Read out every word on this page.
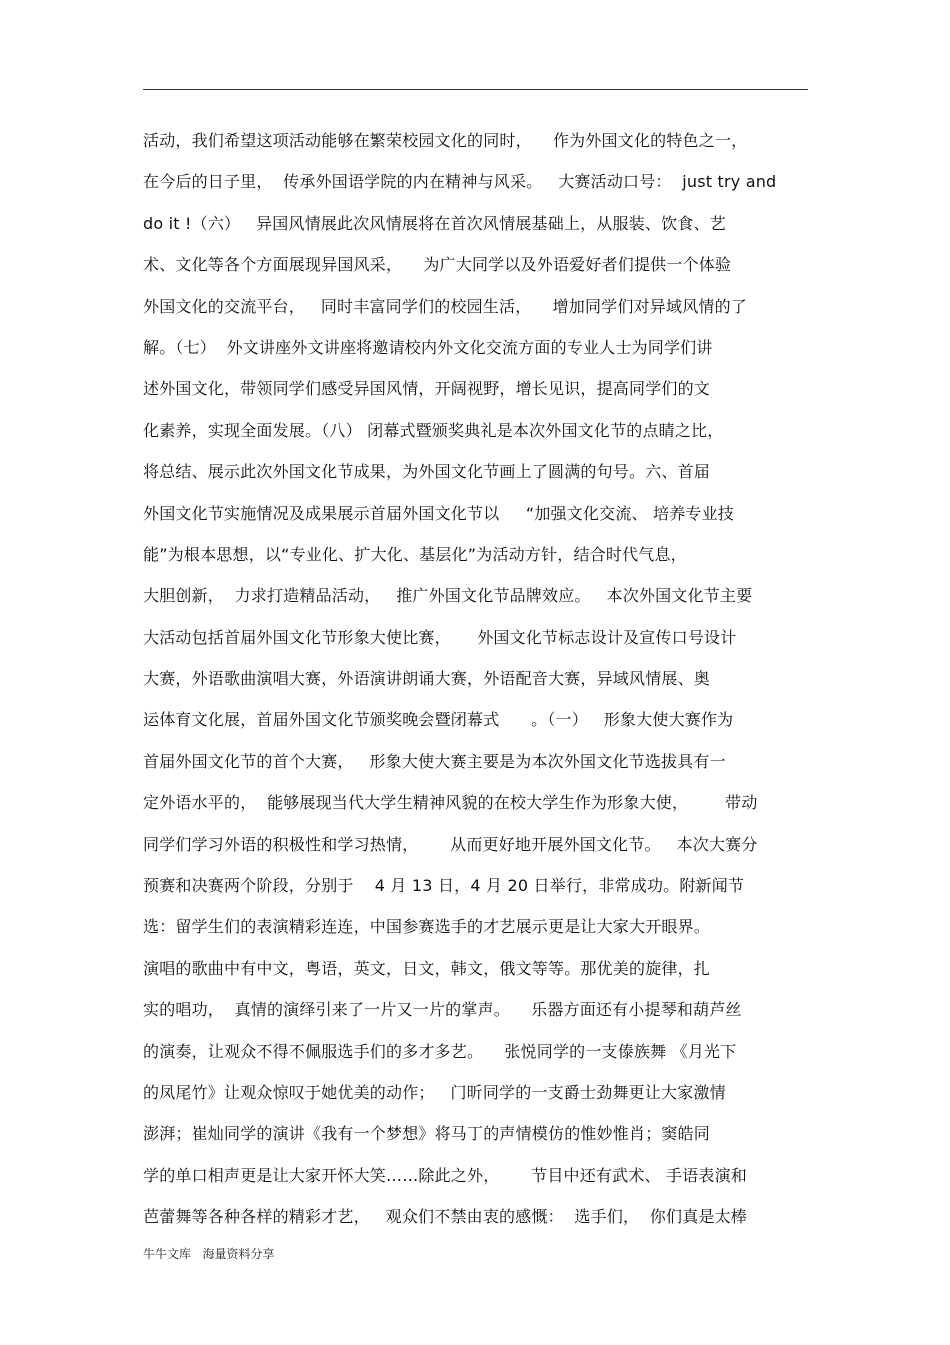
活动，我们希望这项活动能够在繁荣校园文化的同时，    作为外国文化的特色之一，
在今后的日子里，  传承外国语学院的内在精神与风采。   大赛活动口号：  just try and
do it !（六）   异国风情展此次风情展将在首次风情展基础上，从服装、饮食、艺
术、文化等各个方面展现异国风采，    为广大同学以及外语爱好者们提供一个体验
外国文化的交流平台，   同时丰富同学们的校园生活，    增加同学们对异域风情的了
解。（七）  外文讲座外文讲座将邀请校内外文化交流方面的专业人士为同学们讲
述外国文化，带领同学们感受异国风情，开阔视野，增长见识，提高同学们的文
化素养，实现全面发展。（八） 闭幕式暨颁奖典礼是本次外国文化节的点睛之比，
将总结、展示此次外国文化节成果，为外国文化节画上了圆满的句号。六、首届
外国文化节实施情况及成果展示首届外国文化节以     “加强文化交流、 培养专业技
能”为根本思想，以“专业化、扩大化、基层化”为活动方针，结合时代气息，
大胆创新，  力求打造精品活动，   推广外国文化节品牌效应。   本次外国文化节主要
大活动包括首届外国文化节形象大使比赛，     外国文化节标志设计及宣传口号设计
大赛，外语歌曲演唱大赛，外语演讲朗诵大赛，外语配音大赛，异域风情展、奥
运体育文化展，首届外国文化节颁奖晚会暨闭幕式      。（一）   形象大使大赛作为
首届外国文化节的首个大赛，   形象大使大赛主要是为本次外国文化节选拔具有一
定外语水平的，  能够展现当代大学生精神风貌的在校大学生作为形象大使，       带动
同学们学习外语的积极性和学习热情，      从而更好地开展外国文化节。   本次大赛分
预赛和决赛两个阶段，分别于    4 月 13 日，4 月 20 日举行，非常成功。附新闻节
选：留学生们的表演精彩连连，中国参赛选手的才艺展示更是让大家大开眼界。
演唱的歌曲中有中文，粤语，英文，日文，韩文，俄文等等。那优美的旋律，扎
实的唱功，  真情的演绎引来了一片又一片的掌声。    乐器方面还有小提琴和葫芦丝
的演奏，让观众不得不佩服选手们的多才多艺。    张悦同学的一支傣族舞 《月光下
的凤尾竹》让观众惊叹于她优美的动作；   门昕同学的一支爵士劲舞更让大家激情
澎湃；崔灿同学的演讲《我有一个梦想》将马丁的声情模仿的惟妙惟肖；窦皓同
学的单口相声更是让大家开怀大笑……除此之外，      节目中还有武术、 手语表演和
芭蕾舞等各种各样的精彩才艺，   观众们不禁由衷的感慨：  选手们，  你们真是太棒
牛牛文库   海量资料分享
